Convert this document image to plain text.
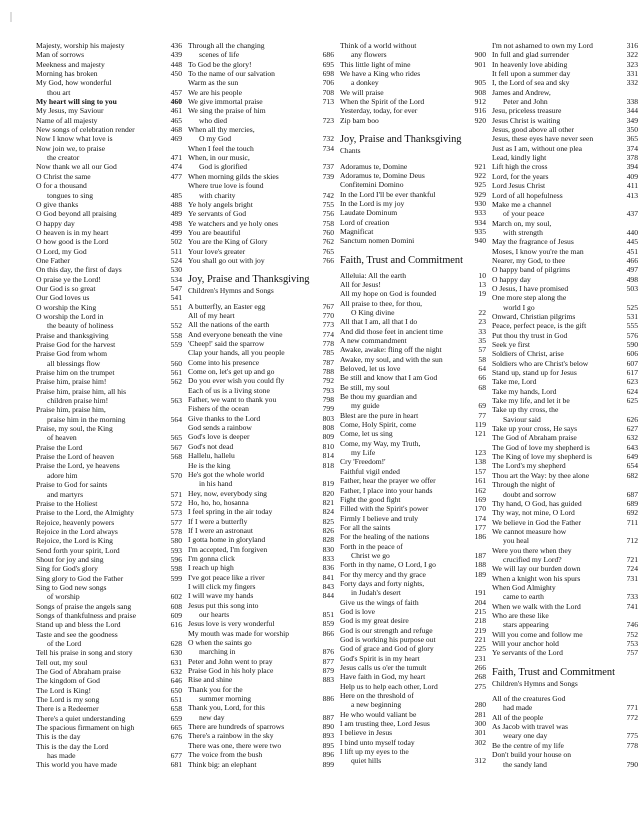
Majesty, worship his majesty	436
Man of sorrows	439
Meekness and majesty	448
Morning has broken	450
My God, how wonderful
thou art	457
My heart will sing to you	460
My Jesus, my Saviour	461
Name of all majesty	465
New songs of celebration render	468
Now I know what love is	469
Now join we, to praise
the creator	471
Now thank we all our God	474
O Christ the same	477
O for a thousand
tongues to sing	485
O give thanks	488
O God beyond all praising	489
O happy day	498
O heaven is in my heart	499
O how good is the Lord	502
O Lord, my God	511
One Father	524
On this day, the first of days	530
O praise ye the Lord!	534
Our God is so great	547
Our God loves us	541
O worship the King	551
O worship the Lord in
the beauty of holiness	552
Praise and thanksgiving	558
Praise God for the harvest	559
Praise God from whom
all blessings flow	560
Praise him on the trumpet	561
Praise him, praise him!	562
Praise him, praise him, all his
children praise him!	563
Praise him, praise him,
praise him in the morning	564
Praise, my soul, the King
of heaven	565
Praise the Lord	567
Praise the Lord of heaven	568
Praise the Lord, ye heavens
adore him	570
Praise to God for saints
and martyrs	571
Praise to the Holiest	572
Praise to the Lord, the Almighty	573
Rejoice, heavenly powers	577
Rejoice in the Lord always	578
Rejoice, the Lord is King	580
Send forth your spirit, Lord	593
Shout for joy and sing	596
Sing for God's glory	598
Sing glory to God the Father	599
Sing to God new songs
of worship	602
Songs of praise the angels sang	608
Songs of thankfulness and praise	609
Stand up and bless the Lord	616
Taste and see the goodness
of the Lord	628
Tell his praise in song and story	630
Tell out, my soul	631
The God of Abraham praise	632
The kingdom of God	646
The Lord is King!	650
The Lord is my song	651
There is a Redeemer	658
There's a quiet understanding	659
The spacious firmament on high	665
This is the day	676
This is the day the Lord
has made	677
This world you have made	681
Through all the changing
scenes of life	686
To God be the glory!	695
To the name of our salvation	698
Warm as the sun	706
We are his people	708
We give immortal praise	713
We sing the praise of him
who died	723
When all thy mercies,
O my God	732
When I feel the touch	734
When, in our music,
God is glorified	737
When morning gilds the skies	739
Where true love is found
with charity	742
Ye holy angels bright	755
Ye servants of God	756
Ye watchers and ye holy ones	758
You are beautiful	760
You are the King of Glory	762
Your love's greater	765
You shall go out with joy	766
Joy, Praise and Thanksgiving
Children's Hymns and Songs
A butterfly, an Easter egg	767
All of my heart	770
All the nations of the earth	773
And everyone beneath the vine	774
'Cheep!' said the sparrow	778
Clap your hands, all you people	785
Come into his presence	787
Come on, let's get up and go	788
Do you ever wish you could fly	792
Each of us is a living stone	793
Father, we want to thank you	798
Fishers of the ocean	799
Give thanks to the Lord	803
God sends a rainbow	808
God's love is deeper	809
God's not dead	810
Hallelu, hallelu	814
He is the king	818
He's got the whole world
in his hand	819
Hey, now, everybody sing	820
Ho, ho, ho, hosanna	821
I feel spring in the air today	824
If I were a butterfly	825
If I were an astronaut	826
I gotta home in gloryland	828
I'm accepted, I'm forgiven	830
I'm gonna click	833
I reach up high	836
I've got peace like a river	841
I will click my fingers	843
I will wave my hands	844
Jesus put this song into
our hearts	851
Jesus love is very wonderful	859
My mouth was made for worship	866
O when the saints go
marching in	876
Peter and John went to pray	877
Praise God in his holy place	879
Rise and shine	883
Thank you for the
summer morning	886
Thank you, Lord, for this
new day	887
There are hundreds of sparrows	890
There's a rainbow in the sky	893
There was one, there were two	895
The voice from the bush	896
Think big: an elephant	899
Think of a world without
any flowers	900
This little light of mine	901
We have a King who rides
a donkey	905
We will praise	908
When the Spirit of the Lord	912
Yesterday, today, for ever	916
Zip bam boo	920
Joy, Praise and Thanksgiving
Chants
Adoramus te, Domine	921
Adoramus te, Domine Deus	922
Confitemini Domino	925
In the Lord I'll be ever thankful	929
In the Lord is my joy	930
Laudate Dominum	933
Lord of creation	934
Magnificat	935
Sanctum nomen Domini	940
Faith, Trust and Commitment
Alleluia: All the earth	10
All for Jesus!	13
All my hope on God is founded	19
All praise to thee, for thou,
O King divine	22
All that I am, all that I do	23
And did those feet in ancient time	33
A new commandment	35
Awake, awake: fling off the night	57
Awake, my soul, and with the sun	58
Beloved, let us love	64
Be still and know that I am God	66
Be still, my soul	68
Be thou my guardian and
my guide	69
Blest are the pure in heart	77
Come, Holy Spirit, come	119
Come, let us sing	121
Come, my Way, my Truth,
my Life	123
Cry 'Freedom!'	138
Faithful vigil ended	157
Father, hear the prayer we offer	161
Father, I place into your hands	162
Fight the good fight	169
Filled with the Spirit's power	170
Firmly I believe and truly	174
For all the saints	177
For the healing of the nations	186
Forth in the peace of
Christ we go	187
Forth in thy name, O Lord, I go	188
For thy mercy and thy grace	189
Forty days and forty nights,
in Judah's desert	191
Give us the wings of faith	204
God is love	215
God is my great desire	218
God is our strength and refuge	219
God is working his purpose out	221
God of grace and God of glory	225
God's Spirit is in my heart	231
Jesus calls us o'er the tumult	266
Have faith in God, my heart	268
Help us to help each other, Lord	275
Here on the threshold of
a new beginning	280
He who would valiant be	281
I am trusting thee, Lord Jesus	300
I believe in Jesus	301
I bind unto myself today	302
I lift up my eyes to the
quiet hills	312
I'm not ashamed to own my Lord	316
In full and glad surrender	322
In heavenly love abiding	323
It fell upon a summer day	331
I, the Lord of sea and sky	332
James and Andrew,
Peter and John	338
Jesu, priceless treasure	344
Jesus Christ is waiting	349
Jesus, good above all other	350
Jesus, these eyes have never seen	365
Just as I am, without one plea	374
Lead, kindly light	378
Lift high the cross	394
Lord, for the years	409
Lord Jesus Christ	411
Lord of all hopefulness	413
Make me a channel
of your peace	437
March on, my soul,
with strength	440
May the fragrance of Jesus	445
Moses, I know you're the man	451
Nearer, my God, to thee	466
O happy band of pilgrims	497
O happy day	498
O Jesus, I have promised	503
One more step along the
world I go	525
Onward, Christian pilgrims	531
Peace, perfect peace, is the gift	555
Put thou thy trust in God	576
Seek ye first	590
Soldiers of Christ, arise	606
Soldiers who are Christ's below	607
Stand up, stand up for Jesus	617
Take me, Lord	623
Take my hands, Lord	624
Take my life, and let it be	625
Take up thy cross, the
Saviour said	626
Take up your cross, He says	627
The God of Abraham praise	632
The God of love my shepherd is	643
The King of love my shepherd is	649
The Lord's my shepherd	654
Thou art the Way: by thee alone	682
Through the night of
doubt and sorrow	687
Thy hand, O God, has guided	689
Thy way, not mine, O Lord	692
We believe in God the Father	711
We cannot measure how
you heal	712
Were you there when they
crucified my Lord?	721
We will lay our burden down	724
When a knight won his spurs	731
When God Almighty
came to earth	733
When we walk with the Lord	741
Who are these like
stars appearing	746
Will you come and follow me	752
Will your anchor hold	753
Ye servants of the Lord	757
Faith, Trust and Commitment
Children's Hymns and Songs
All of the creatures God
had made	771
All of the people	772
As Jacob with travel was
weary one day	775
Be the centre of my life	778
Don't build your house on
the sandy land	790
